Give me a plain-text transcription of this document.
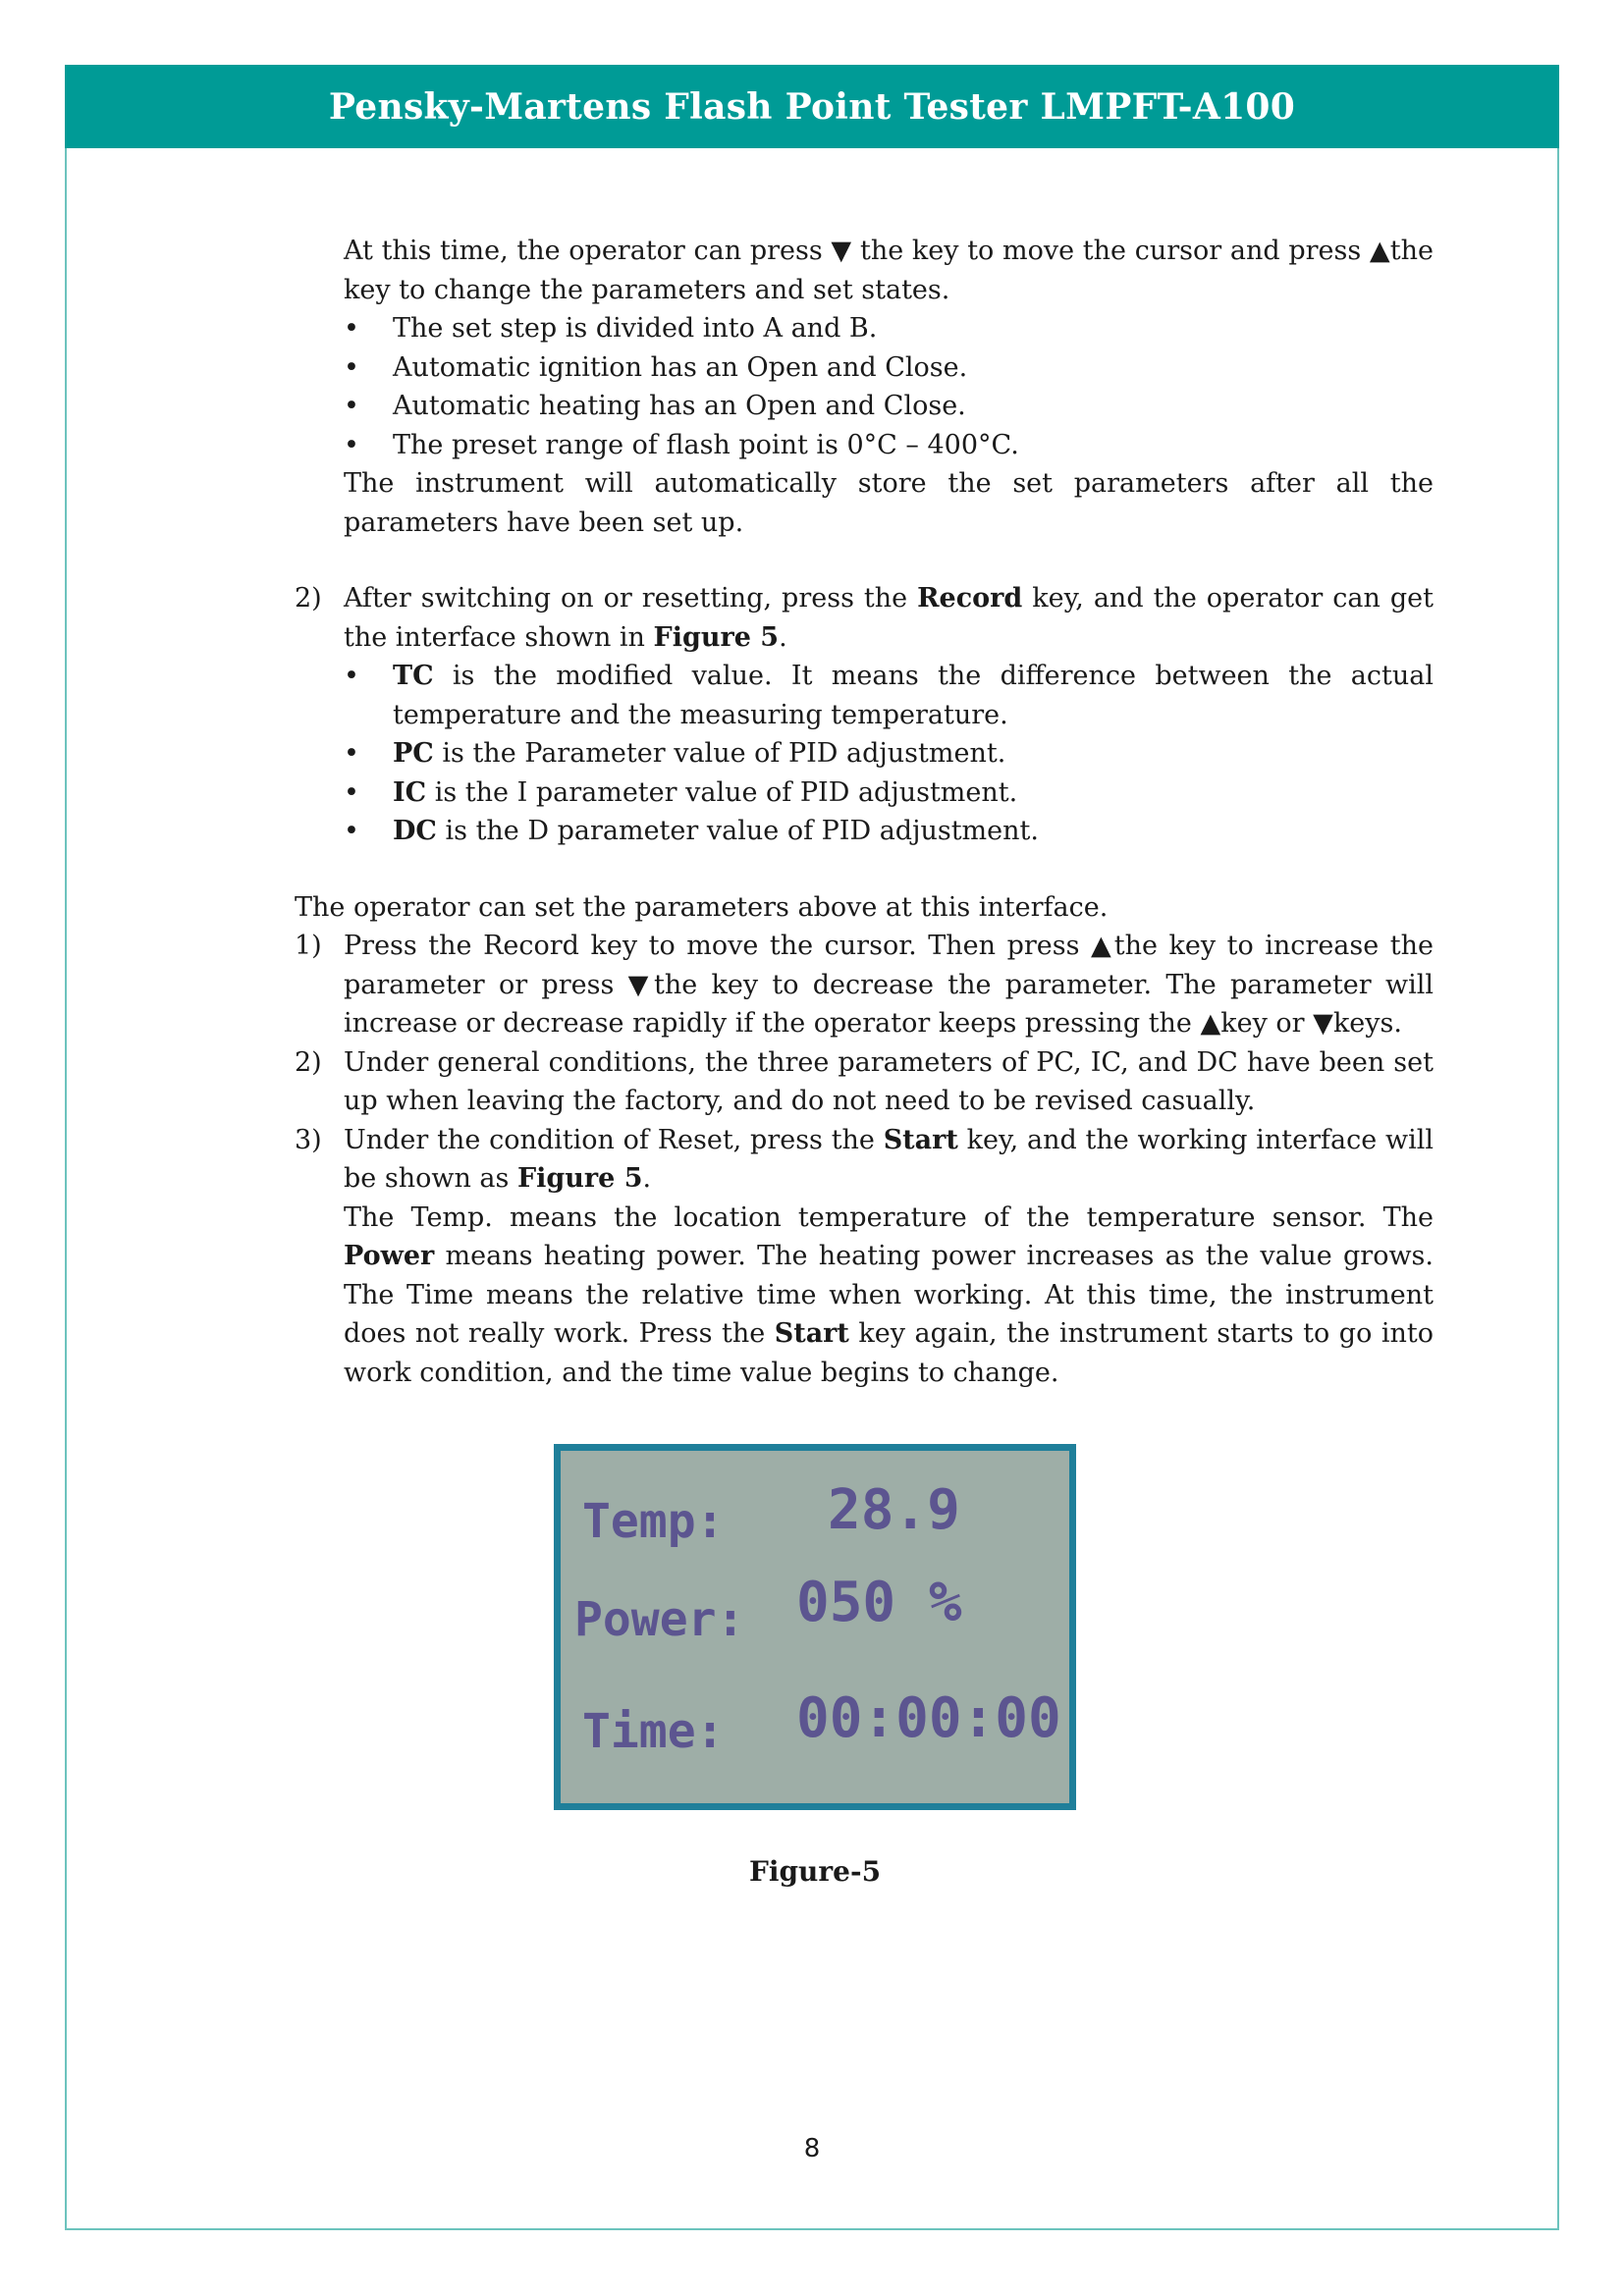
Pensky-Martens Flash Point Tester LMPFT-A100

At this time, the operator can press ▼ the key to move the cursor and press ▲the key to change the parameters and set states.

• The set step is divided into A and B.
• Automatic ignition has an Open and Close.
• Automatic heating has an Open and Close.
• The preset range of flash point is 0°C – 400°C.

The instrument will automatically store the set parameters after all the parameters have been set up.

2) After switching on or resetting, press the Record key, and the operator can get the interface shown in Figure 5.
• TC is the modified value. It means the difference between the actual temperature and the measuring temperature.
• PC is the Parameter value of PID adjustment.
• IC is the I parameter value of PID adjustment.
• DC is the D parameter value of PID adjustment.

The operator can set the parameters above at this interface.

1) Press the Record key to move the cursor. Then press ▲the key to increase the parameter or press ▼the key to decrease the parameter. The parameter will increase or decrease rapidly if the operator keeps pressing the ▲key or ▼keys.
2) Under general conditions, the three parameters of PC, IC, and DC have been set up when leaving the factory, and do not need to be revised casually.
3) Under the condition of Reset, press the Start key, and the working interface will be shown as Figure 5.

The Temp. means the location temperature of the temperature sensor. The Power means heating power. The heating power increases as the value grows. The Time means the relative time when working. At this time, the instrument does not really work. Press the Start key again, the instrument starts to go into work condition, and the time value begins to change.

Temp: 28.9
Power: 050 %
Time: 00:00:00
Figure-5
8
